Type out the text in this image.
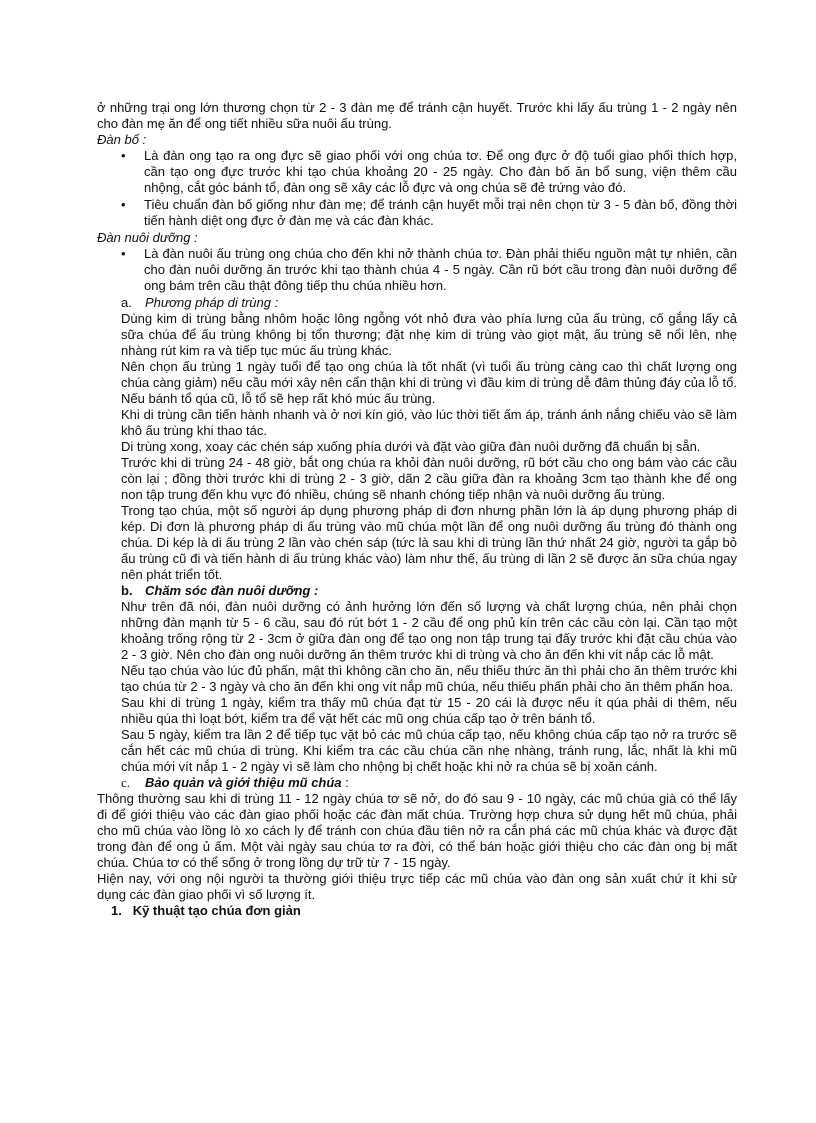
ở những trại ong lớn thương chọn từ 2 - 3 đàn mẹ để tránh cận huyết. Trước khi lấy ấu trùng 1 - 2 ngày nên cho đàn mẹ ăn để ong tiết nhiều sữa nuôi ấu trùng.

Đàn bố :

• Là đàn ong tạo ra ong đực sẽ giao phối với ong chúa tơ. Để ong đực ở độ tuổi giao phối thích hợp, cần tạo ong đực trước khi tạo chúa khoảng 20 - 25 ngày. Cho đàn bố ăn bổ sung, viện thêm cầu nhộng, cắt góc bánh tổ, đàn ong sẽ xây các lỗ đực và ong chúa sẽ đẻ trứng vào đó.
• Tiêu chuẩn đàn bố giống như đàn mẹ; để tránh cận huyết mỗi trại nên chọn từ 3 - 5 đàn bố, đồng thời tiến hành diệt ong đực ở đàn mẹ và các đàn khác.

Đàn nuôi dưỡng :

• Là đàn nuôi ấu trùng ong chúa cho đến khi nở thành chúa tơ. Đàn phải thiếu nguồn mật tự nhiên, cần cho đàn nuôi dưỡng ăn trước khi tạo thành chúa 4 - 5 ngày. Cần rũ bớt cầu trong đàn nuôi dưỡng để ong bám trên cầu thật đông tiếp thu chúa nhiều hơn.
a. Phương pháp di trùng :

Dùng kim di trùng bằng nhôm hoặc lông ngỗng vót nhỏ đưa vào phía lưng của ấu trùng, cố gắng lấy cả sữa chúa để ấu trùng không bị tổn thương; đặt nhẹ kim di trùng vào giọt mật, ấu trùng sẽ nổi lên, nhẹ nhàng rút kim ra và tiếp tục múc ấu trùng khác.

Nên chọn ấu trùng 1 ngày tuổi để tạo ong chúa là tốt nhất (vì tuổi ấu trùng càng cao thì chất lượng ong chúa càng giảm) nếu cầu mới xây nên cẩn thận khi di trùng vì đầu kim di trùng dễ đâm thủng đáy của lỗ tổ. Nếu bánh tổ qúa cũ, lỗ tổ sẽ hẹp rất khó múc ấu trùng.

Khi di trùng cần tiến hành nhanh và ở nơi kín gió, vào lúc thời tiết ấm áp, tránh ánh nắng chiếu vào sẽ làm khô ấu trùng khi thao tác.

Di trùng xong, xoay các chén sáp xuống phía dưới và đặt vào giữa đàn nuôi dưỡng đã chuẩn bị sẵn.

Trước khi di trùng 24 - 48 giờ, bắt ong chúa ra khỏi đàn nuôi dưỡng, rũ bớt cầu cho ong bám vào các cầu còn lại ; đồng thời trước khi di trùng 2 - 3 giờ, dãn 2 cầu giữa đàn ra khoảng 3cm tạo thành khe để ong non tập trung đến khu vực đó nhiều, chúng sẽ nhanh chóng tiếp nhận và nuôi dưỡng ấu trùng.

Trong tạo chúa, một số người áp dụng phương pháp di đơn nhưng phần lớn là áp dụng phương pháp di kép. Di đơn là phương pháp di ấu trùng vào mũ chúa một lần để ong nuôi dưỡng ấu trùng đó thành ong chúa. Di kép là di ấu trùng 2 lần vào chén sáp (tức là sau khi di trùng lần thứ nhất 24 giờ, người ta gắp bỏ ấu trùng cũ đi và tiến hành di ấu trùng khác vào) làm như thế, ấu trùng di lần 2 sẽ được ăn sữa chúa ngay nên phát triển tốt.

b. Chăm sóc đàn nuôi dưỡng :

Như trên đã nói, đàn nuôi dưỡng có ảnh hưởng lớn đến số lượng và chất lượng chúa, nên phải chọn những đàn mạnh từ 5 - 6 cầu, sau đó rút bớt 1 - 2 cầu để ong phủ kín trên các cầu còn lại. Cần tạo một khoảng trống rộng từ 2 - 3cm ở giữa đàn ong để tạo ong non tập trung tại đấy trước khi đặt cầu chúa vào 2 - 3 giờ. Nên cho đàn ong nuôi dưỡng ăn thêm trước khi di trùng và cho ăn đến khi vít nắp các lỗ mật.

Nếu tạo chúa vào lúc đủ phấn, mật thì không cần cho ăn, nếu thiếu thức ăn thì phải cho ăn thêm trước khi tạo chúa từ 2 - 3 ngày và cho ăn đến khi ong vít nắp mũ chúa, nếu thiếu phấn phải cho ăn thêm phấn hoa.

Sau khi di trùng 1 ngày, kiểm tra thấy mũ chúa đạt từ 15 - 20 cái là được nếu ít qúa phải di thêm, nếu nhiều qúa thì loạt bớt, kiểm tra để vặt hết các mũ ong chúa cấp tạo ở trên bánh tổ.

Sau 5 ngày, kiểm tra lần 2 để tiếp tục vặt bỏ các mũ chúa cấp tạo, nếu không chúa cấp tạo nở ra trước sẽ cắn hết các mũ chúa di trùng. Khi kiểm tra các cầu chúa cần nhẹ nhàng, tránh rung, lắc, nhất là khi mũ chúa mới vít nắp 1 - 2 ngày vì sẽ làm cho nhộng bị chết hoặc khi nở ra chúa sẽ bị xoăn cánh.

c. Bảo quản và giới thiệu mũ chúa :

Thông thường sau khi di trùng 11 - 12 ngày chúa tơ sẽ nở, do đó sau 9 - 10 ngày, các mũ chúa già có thể lấy đi để giới thiệu vào các đàn giao phối hoặc các đàn mất chúa. Trường hợp chưa sử dụng hết mũ chúa, phải cho mũ chúa vào lồng lò xo cách ly để tránh con chúa đầu tiên nở ra cắn phá các mũ chúa khác và được đặt trong đàn để ong ủ ấm. Một vài ngày sau chúa tơ ra đời, có thể bán hoặc giới thiệu cho các đàn ong bị mất chúa. Chúa tơ có thể sống ở trong lồng dự trữ từ 7 - 15 ngày.

Hiện nay, với ong nội người ta thường giới thiệu trực tiếp các mũ chúa vào đàn ong sản xuất chứ ít khi sử dụng các đàn giao phối vì số lượng ít.

1. Kỹ thuật tạo chúa đơn giản
